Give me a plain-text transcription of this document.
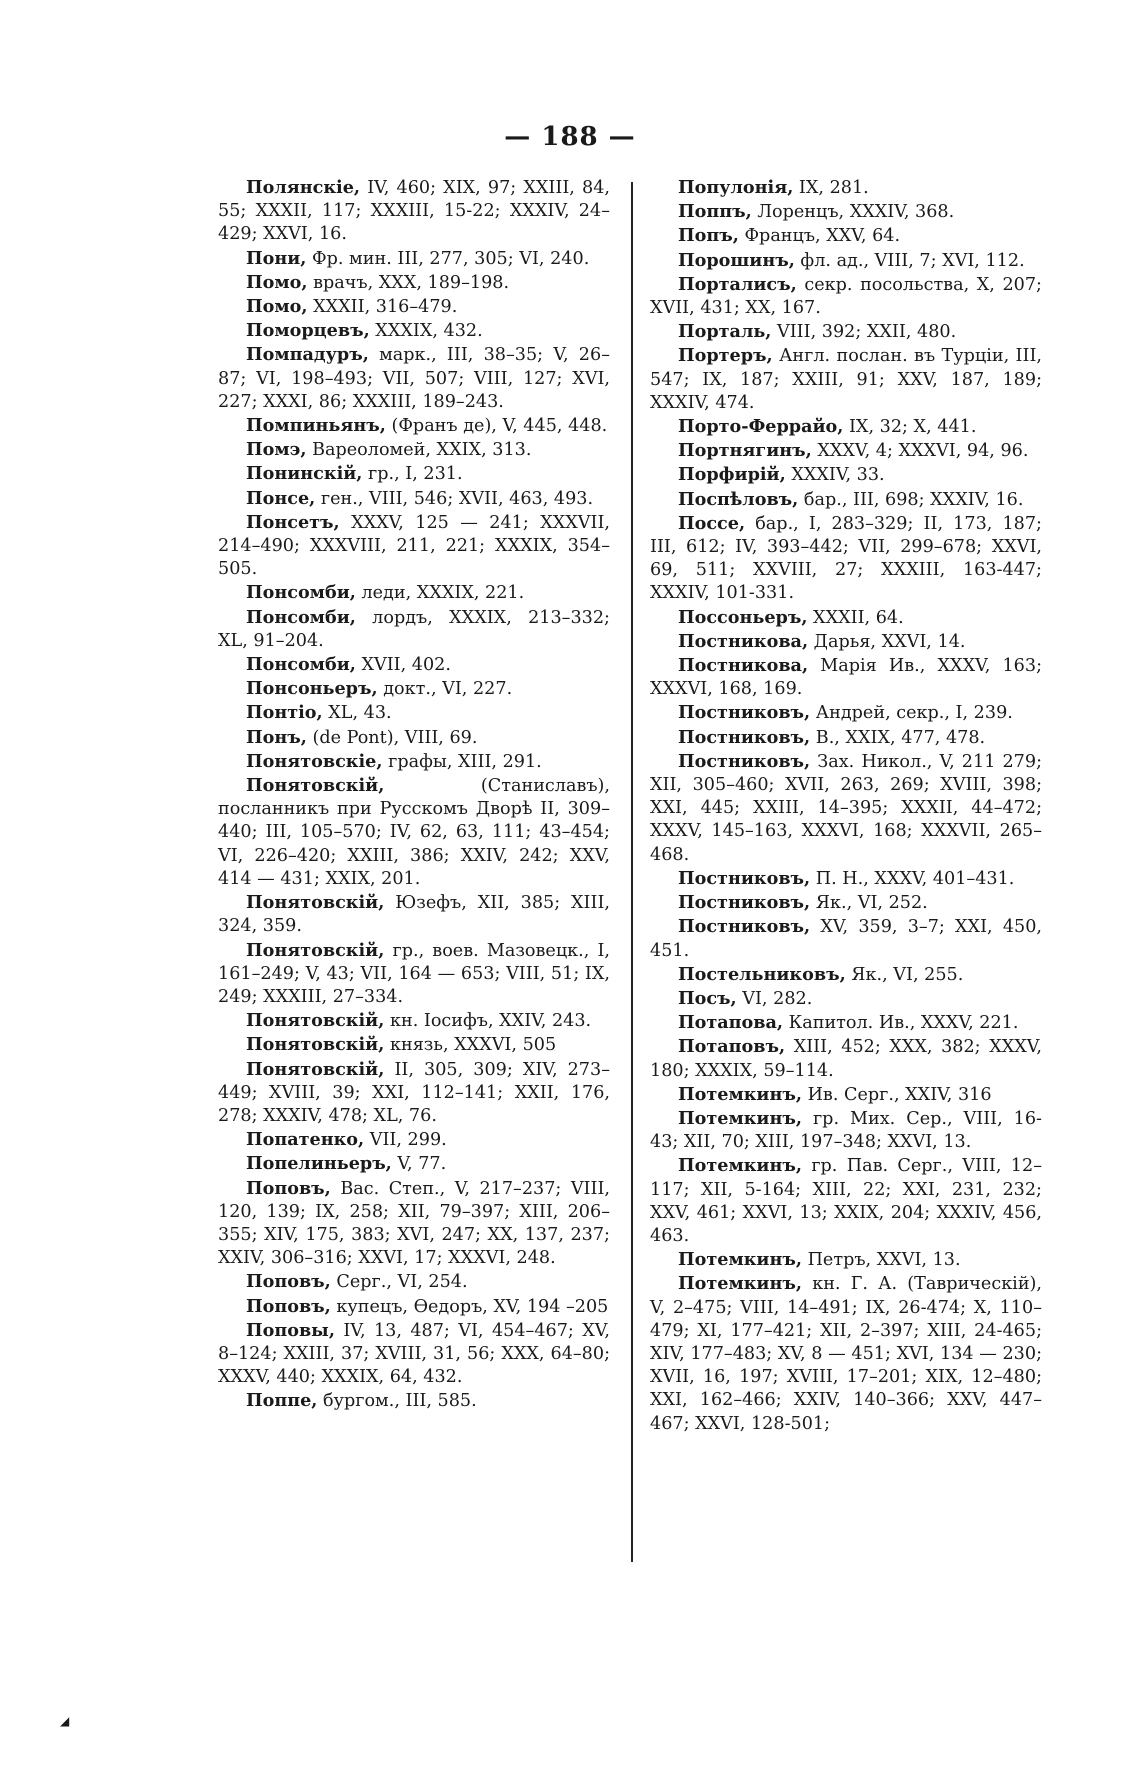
— 188 —

Полянскіе, IV, 460; XIX, 97; XXIII, 84, 55; XXXII, 117; XXXIII, 15-22; XXXIV, 24–429; XXVI, 16.

Пони, Фр. мин. III, 277, 305; VI, 240.

Помо, врачъ, XXX, 189–198.

Помо, XXXII, 316–479.

Поморцевъ, XXXIX, 432.

Помпадуръ, марк., III, 38–35; V, 26–87; VI, 198–493; VII, 507; VIII, 127; XVI, 227; XXXI, 86; XXXIII, 189–243.

Помпиньянъ, (Франъ де), V, 445, 448.

Помэ, Вареоломей, XXIX, 313.

Понинскій, гр., I, 231.

Понсе, ген., VIII, 546; XVII, 463, 493.

Понсетъ, XXXV, 125 — 241; XXXVII, 214–490; XXXVIII, 211, 221; XXXIX, 354–505.

Понсомби, леди, XXXIX, 221.

Понсомби, лордъ, XXXIX, 213–332; XL, 91–204.

Понсомби, XVII, 402.

Понсоньеръ, докт., VI, 227.

Понтіо, XL, 43.

Понъ, (de Pont), VIII, 69.

Понятовскіе, графы, XIII, 291.

Понятовскій, (Станиславъ), посланникъ при Русскомъ Дворѣ II, 309–440; III, 105–570; IV, 62, 63, 111; 43–454; VI, 226–420; XXIII, 386; XXIV, 242; XXV, 414 — 431; XXIX, 201.

Понятовскій, Юзефъ, XII, 385; XIII, 324, 359.

Понятовскій, гр., воев. Мазовецк., I, 161–249; V, 43; VII, 164 — 653; VIII, 51; IX, 249; XXXIII, 27–334.

Понятовскій, кн. Іосифъ, XXIV, 243.

Понятовскій, князь, XXXVI, 505

Понятовскій, II, 305, 309; XIV, 273–449; XVIII, 39; XXI, 112–141; XXII, 176, 278; XXXIV, 478; XL, 76.

Попатенко, VII, 299.

Попелиньеръ, V, 77.

Поповъ, Вас. Степ., V, 217–237; VIII, 120, 139; IX, 258; XII, 79–397; XIII, 206–355; XIV, 175, 383; XVI, 247; XX, 137, 237; XXIV, 306–316; XXVI, 17; XXXVI, 248.

Поповъ, Серг., VI, 254.

Поповъ, купецъ, Ѳедоръ, XV, 194 –205

Поповы, IV, 13, 487; VI, 454–467; XV, 8–124; XXIII, 37; XVIII, 31, 56; XXX, 64–80; XXXV, 440; XXXIX, 64, 432.

Поппе, бургом., III, 585.

Популонія, IX, 281.

Поппъ, Лоренцъ, XXXIV, 368.

Попъ, Францъ, XXV, 64.

Порошинъ, фл. ад., VIII, 7; XVI, 112.

Порталисъ, секр. посольства, X, 207; XVII, 431; XX, 167.

Порталь, VIII, 392; XXII, 480.

Портеръ, Англ. послан. въ Турціи, III, 547; IX, 187; XXIII, 91; XXV, 187, 189; XXXIV, 474.

Порто-Феррайо, IX, 32; X, 441.

Портнягинъ, XXXV, 4; XXXVI, 94, 96.

Порфирій, XXXIV, 33.

Поспѣловъ, бар., III, 698; XXXIV, 16.

Поссе, бар., I, 283–329; II, 173, 187; III, 612; IV, 393–442; VII, 299–678; XXVI, 69, 511; XXVIII, 27; XXXIII, 163-447; XXXIV, 101-331.

Поссоньеръ, XXXII, 64.

Постникова, Дарья, XXVI, 14.

Постникова, Марія Ив., XXXV, 163; XXXVI, 168, 169.

Постниковъ, Андрей, секр., I, 239.

Постниковъ, В., XXIX, 477, 478.

Постниковъ, Зах. Никол., V, 211 279; XII, 305–460; XVII, 263, 269; XVIII, 398; XXI, 445; XXIII, 14–395; XXXII, 44–472; XXXV, 145–163, XXXVI, 168; XXXVII, 265–468.

Постниковъ, П. Н., XXXV, 401–431.

Постниковъ, Як., VI, 252.

Постниковъ, XV, 359, 3–7; XXI, 450, 451.

Постельниковъ, Як., VI, 255.

Посъ, VI, 282.

Потапова, Капитол. Ив., XXXV, 221.

Потаповъ, XIII, 452; XXX, 382; XXXV, 180; XXXIX, 59–114.

Потемкинъ, Ив. Серг., XXIV, 316

Потемкинъ, гр. Мих. Сер., VIII, 16-43; XII, 70; XIII, 197–348; XXVI, 13.

Потемкинъ, гр. Пав. Серг., VIII, 12–117; XII, 5-164; XIII, 22; XXI, 231, 232; XXV, 461; XXVI, 13; XXIX, 204; XXXIV, 456, 463.

Потемкинъ, Петръ, XXVI, 13.

Потемкинъ, кн. Г. А. (Таврическій), V, 2–475; VIII, 14–491; IX, 26-474; X, 110–479; XI, 177–421; XII, 2–397; XIII, 24-465; XIV, 177–483; XV, 8 — 451; XVI, 134 — 230; XVII, 16, 197; XVIII, 17–201; XIX, 12–480; XXI, 162–466; XXIV, 140–366; XXV, 447–467; XXVI, 128-501;

◢
